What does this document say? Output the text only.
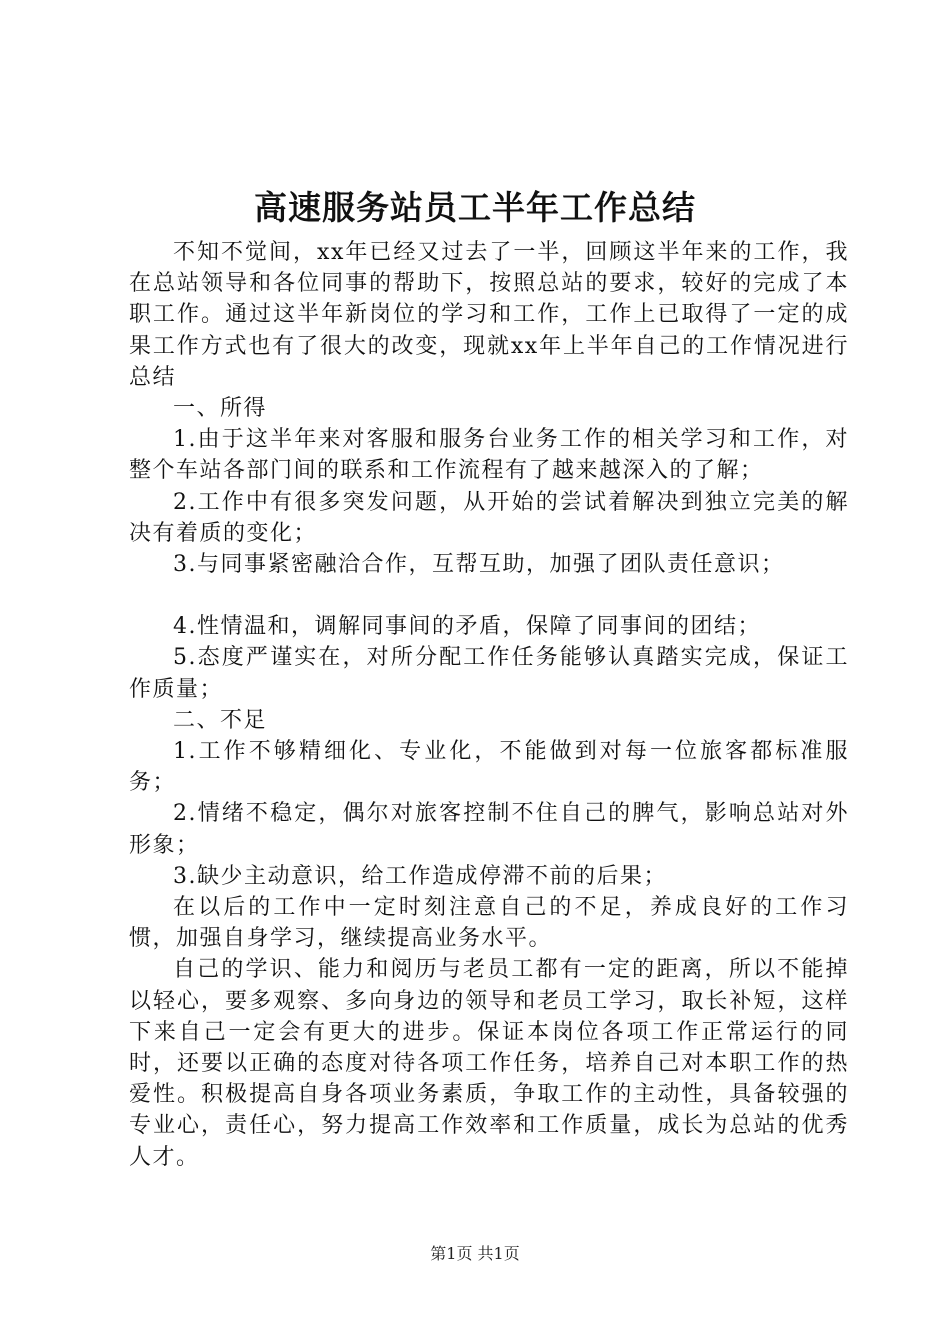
高速服务站员工半年工作总结

不知不觉间，xx年已经又过去了一半，回顾这半年来的工作，我在总站领导和各位同事的帮助下，按照总站的要求，较好的完成了本职工作。通过这半年新岗位的学习和工作，工作上已取得了一定的成果工作方式也有了很大的改变，现就xx年上半年自己的工作情况进行总结

一、所得

1.由于这半年来对客服和服务台业务工作的相关学习和工作，对整个车站各部门间的联系和工作流程有了越来越深入的了解；

2.工作中有很多突发问题，从开始的尝试着解决到独立完美的解决有着质的变化；

3.与同事紧密融洽合作，互帮互助，加强了团队责任意识；

4.性情温和，调解同事间的矛盾，保障了同事间的团结；

5.态度严谨实在，对所分配工作任务能够认真踏实完成，保证工作质量；

二、不足

1.工作不够精细化、专业化，不能做到对每一位旅客都标准服务；

2.情绪不稳定，偶尔对旅客控制不住自己的脾气，影响总站对外形象；

3.缺少主动意识，给工作造成停滞不前的后果；

在以后的工作中一定时刻注意自己的不足，养成良好的工作习惯，加强自身学习，继续提高业务水平。

自己的学识、能力和阅历与老员工都有一定的距离，所以不能掉以轻心，要多观察、多向身边的领导和老员工学习，取长补短，这样下来自己一定会有更大的进步。保证本岗位各项工作正常运行的同时，还要以正确的态度对待各项工作任务，培养自己对本职工作的热爱性。积极提高自身各项业务素质，争取工作的主动性，具备较强的专业心，责任心，努力提高工作效率和工作质量，成长为总站的优秀人才。

第1页 共1页
